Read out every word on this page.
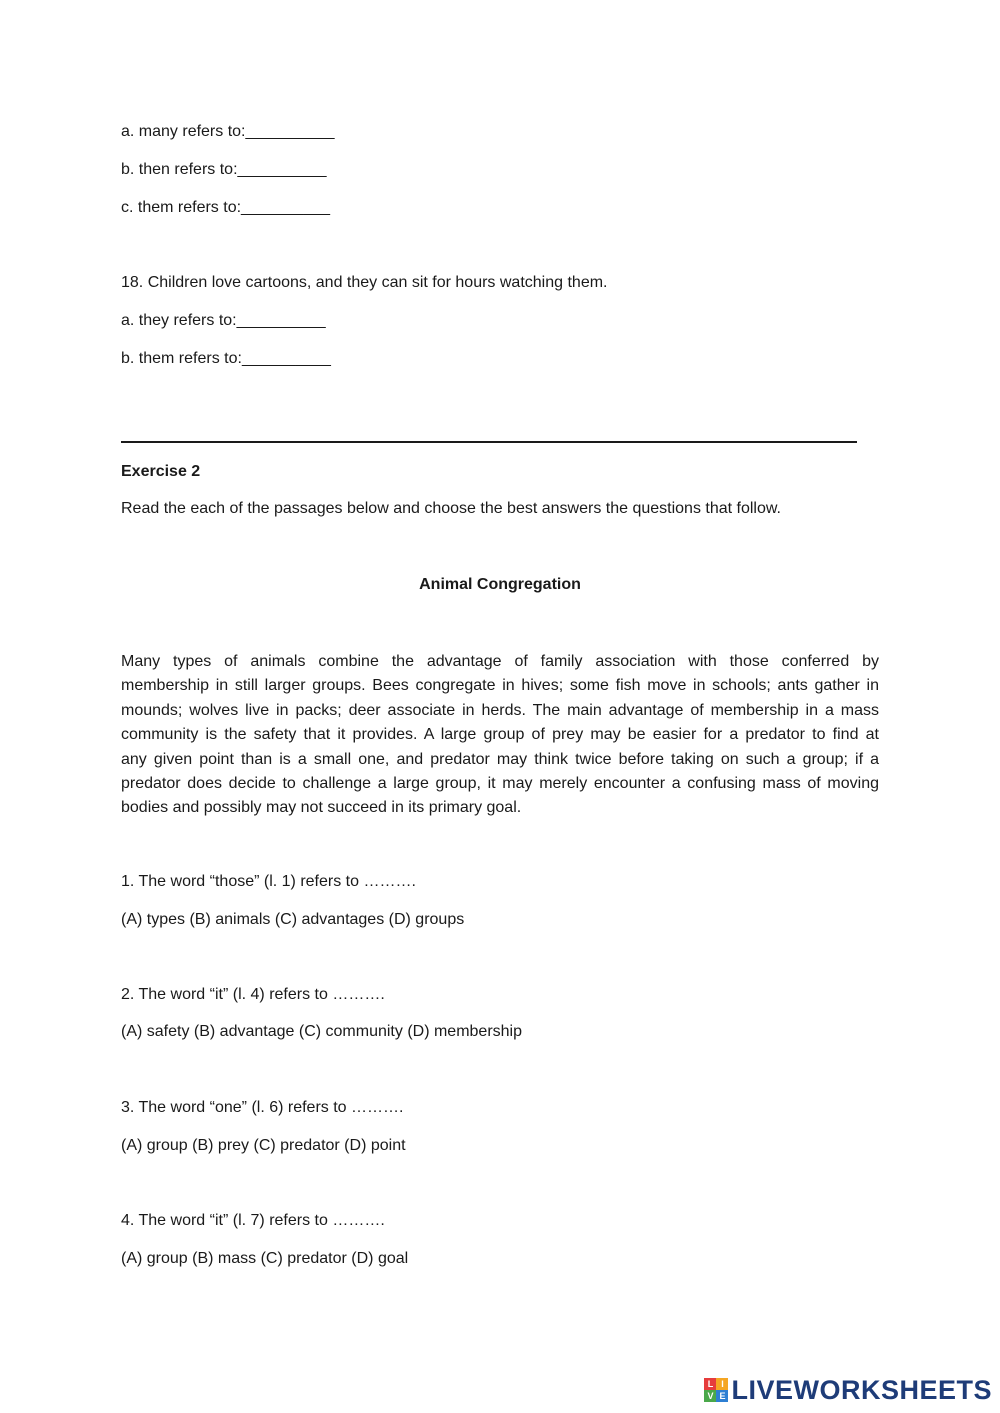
a. many refers to:__________
b. then refers to:__________
c. them refers to:__________
18. Children love cartoons, and they can sit for hours watching them.
a. they refers to:__________
b. them refers to:__________
Exercise 2
Read the each of the passages below and choose the best answers the questions that follow.
Animal Congregation
Many types of animals combine the advantage of family association with those conferred by
membership in still larger groups. Bees congregate in hives; some fish move in schools; ants gather in
mounds; wolves live in packs; deer associate in herds. The main advantage of membership in a mass
community is the safety that it provides. A large group of prey may be easier for a predator to find at
any given point than is a small one, and predator may think twice before taking on such a group; if a
predator does decide to challenge a large group, it may merely encounter a confusing mass of moving
bodies and possibly may not succeed in its primary goal.
1. The word “those” (l. 1) refers to ……….
(A) types (B) animals (C) advantages (D) groups
2. The word “it” (l. 4) refers to ……….
(A) safety (B) advantage (C) community (D) membership
3. The word “one” (l. 6) refers to ……….
(A) group (B) prey (C) predator (D) point
4. The word “it” (l. 7) refers to ……….
(A) group (B) mass (C) predator (D) goal
L I
V E LIVEWORKSHEETS
